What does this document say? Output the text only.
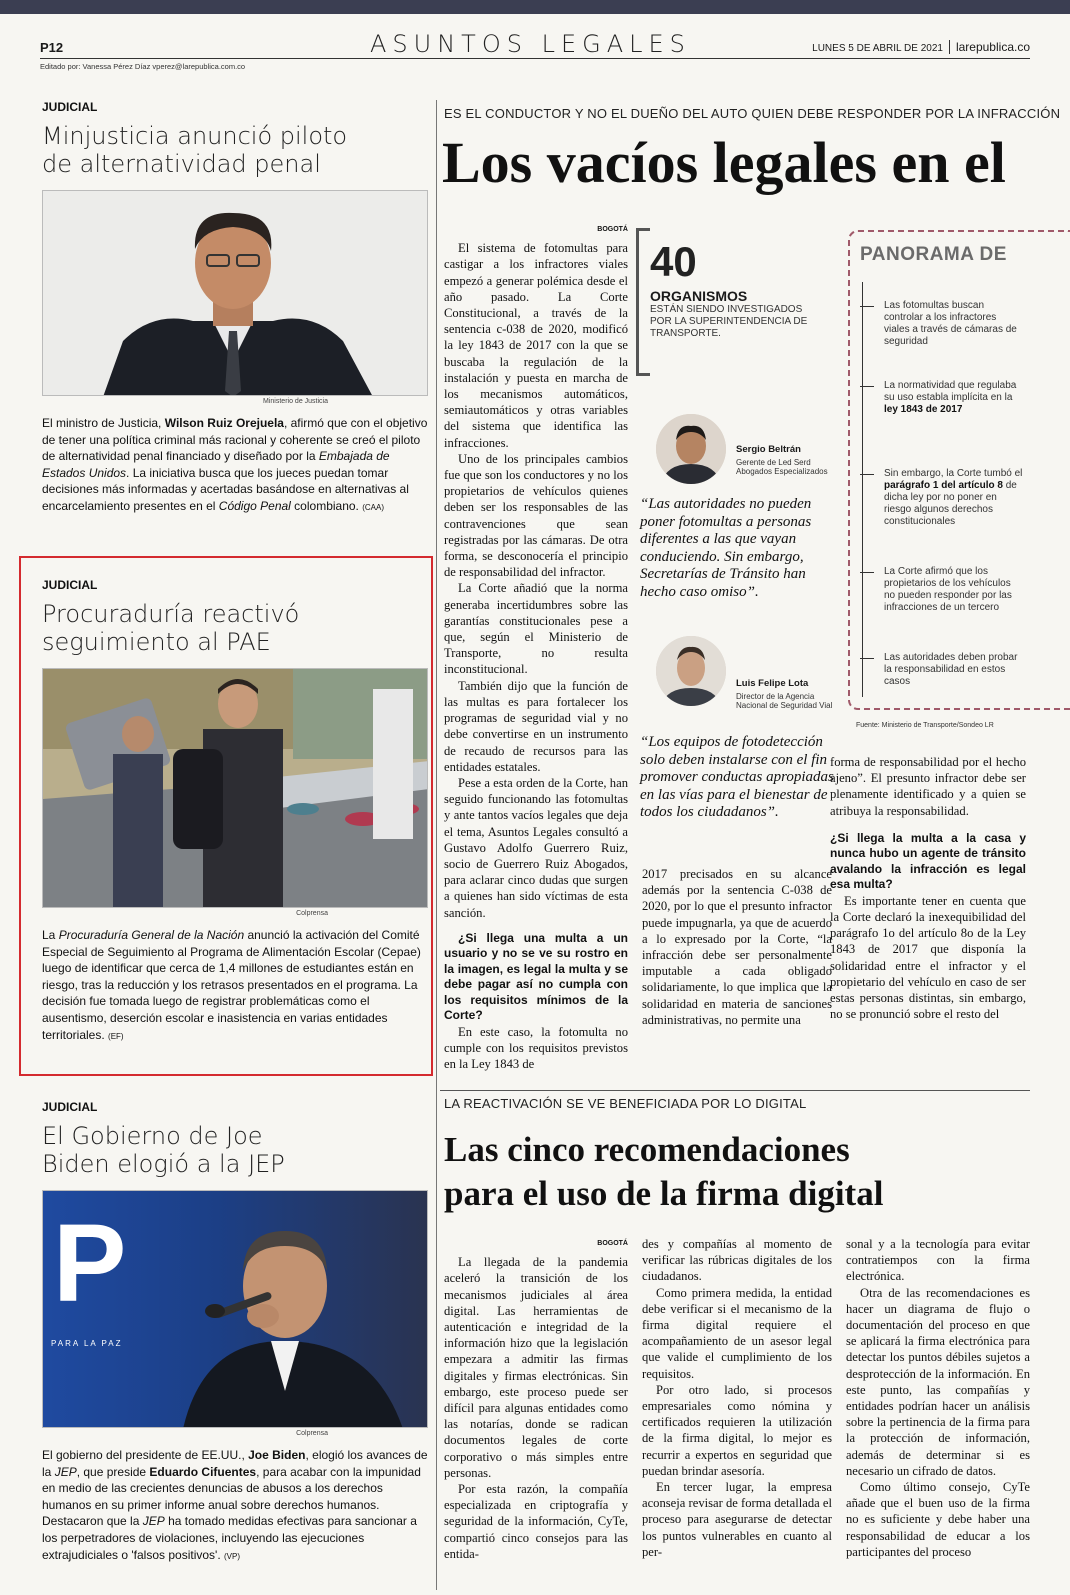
P12	ASUNTOS LEGALES	LUNES 5 DE ABRIL DE 2021 larepublica.co
Editado por: Vanessa Pérez Díaz vperez@larepublica.com.co
JUDICIAL
Minjusticia anunció piloto
de alternatividad penal
Ministerio de Justicia
El ministro de Justicia, Wilson Ruiz Orejuela, afirmó que con el objetivo de tener una política criminal más racional y coherente se creó el piloto de alternatividad penal financiado y diseñado por la Embajada de Estados Unidos. La iniciativa busca que los jueces puedan tomar decisiones más informadas y acertadas basándose en alternativas al encarcelamiento presentes en el Código Penal colombiano. (CAA)
JUDICIAL
Procuraduría reactivó
seguimiento al PAE
Colprensa
La Procuraduría General de la Nación anunció la activación del Comité Especial de Seguimiento al Programa de Alimentación Escolar (Cepae) luego de identificar que cerca de 1,4 millones de estudiantes están en riesgo, tras la reducción y los retrasos presentados en el programa. La decisión fue tomada luego de registrar problemáticas como el ausentismo, deserción escolar e inasistencia en varias entidades territoriales. (EF)
JUDICIAL
El Gobierno de Joe
Biden elogió a la JEP
P
PARA LA PAZ
Colprensa
El gobierno del presidente de EE.UU., Joe Biden, elogió los avances de la JEP, que preside Eduardo Cifuentes, para acabar con la impunidad en medio de las crecientes denuncias de abusos a los derechos humanos en su primer informe anual sobre derechos humanos. Destacaron que la JEP ha tomado medidas efectivas para sancionar a los perpetradores de violaciones, incluyendo las ejecuciones extrajudiciales o 'falsos positivos'. (VP)
ES EL CONDUCTOR Y NO EL DUEÑO DEL AUTO QUIEN DEBE RESPONDER POR LA INFRACCIÓN
Los vacíos legales en el
BOGOTÁ

El sistema de fotomultas para castigar a los infractores viales empezó a generar polémica desde el año pasado. La Corte Constitucional, a través de la sentencia c-038 de 2020, modificó la ley 1843 de 2017 con la que se buscaba la regulación de la instalación y puesta en marcha de los mecanismos automáticos, semiautomáticos y otras variables del sistema que identifica las infracciones.

Uno de los principales cambios fue que son los conductores y no los propietarios de vehículos quienes deben ser los responsables de las contravenciones que sean registradas por las cámaras. De otra forma, se desconocería el principio de responsabilidad del infractor.

La Corte añadió que la norma generaba incertidumbres sobre las garantías constitucionales pese a que, según el Ministerio de Transporte, no resulta inconstitucional.

También dijo que la función de las multas es para fortalecer los programas de seguridad vial y no debe convertirse en un instrumento de recaudo de recursos para las entidades estatales.

Pese a esta orden de la Corte, han seguido funcionando las fotomultas y ante tantos vacíos legales que deja el tema, Asuntos Legales consultó a Gustavo Adolfo Guerrero Ruiz, socio de Guerrero Ruiz Abogados, para aclarar cinco dudas que surgen a quienes han sido víctimas de esta sanción.

¿Si llega una multa a un usuario y no se ve su rostro en la imagen, es legal la multa y se debe pagar así no cumpla con los requisitos mínimos de la Corte?

En este caso, la fotomulta no cumple con los requisitos previstos en la Ley 1843 de

40
ORGANISMOS
ESTÁN SIENDO INVESTIGADOS POR LA SUPERINTENDENCIA DE TRANSPORTE.
Sergio Beltrán
Gerente de Led Serd Abogados Especializados
“Las autoridades no pueden poner fotomultas a personas diferentes a las que vayan conduciendo. Sin embargo, Secretarías de Tránsito han hecho caso omiso”.
Luis Felipe Lota
Director de la Agencia Nacional de Seguridad Vial
“Los equipos de fotodetección solo deben instalarse con el fin promover conductas apropiadas en las vías para el bienestar de todos los ciudadanos”.

2017 precisados en su alcance además por la sentencia C-038 de 2020, por lo que el presunto infractor puede impugnarla, ya que de acuerdo a lo expresado por la Corte, “la infracción debe ser personalmente imputable a cada obligado solidariamente, lo que implica que la solidaridad en materia de sanciones administrativas, no permite una

PANORAMA DE
Las fotomultas buscan controlar a los infractores viales a través de cámaras de seguridad
La normatividad que regulaba su uso establa implícita en la ley 1843 de 2017
Sin embargo, la Corte tumbó el parágrafo 1 del artículo 8 de dicha ley por no poner en riesgo algunos derechos constitucionales
La Corte afirmó que los propietarios de los vehículos no pueden responder por las infracciones de un tercero
Las autoridades deben probar la responsabilidad en estos casos
Fuente: Ministerio de Transporte/Sondeo LR

forma de responsabilidad por el hecho ajeno”. El presunto infractor debe ser plenamente identificado y a quien se atribuya la responsabilidad.

¿Si llega la multa a la casa y nunca hubo un agente de tránsito avalando la infracción es legal esa multa?

Es importante tener en cuenta que la Corte declaró la inexequibilidad del parágrafo 1o del artículo 8o de la Ley 1843 de 2017 que disponía la solidaridad entre el infractor y el propietario del vehículo en caso de ser estas personas distintas, sin embargo, no se pronunció sobre el resto del

LA REACTIVACIÓN SE VE BENEFICIADA POR LO DIGITAL
Las cinco recomendaciones
para el uso de la firma digital
BOGOTÁ

La llegada de la pandemia aceleró la transición de los mecanismos judiciales al área digital. Las herramientas de autenticación e integridad de la información hizo que la legislación empezara a admitir las firmas digitales y firmas electrónicas. Sin embargo, este proceso puede ser difícil para algunas entidades como las notarías, donde se radican documentos legales de corte corporativo o más simples entre personas.

Por esta razón, la compañía especializada en criptografía y seguridad de la información, CyTe, compartió cinco consejos para las entida-

des y compañías al momento de verificar las rúbricas digitales de los ciudadanos.

Como primera medida, la entidad debe verificar si el mecanismo de la firma digital requiere el acompañamiento de un asesor legal que valide el cumplimiento de los requisitos.

Por otro lado, si procesos empresariales como nómina y certificados requieren la utilización de la firma digital, lo mejor es recurrir a expertos en seguridad que puedan brindar asesoría.

En tercer lugar, la empresa aconseja revisar de forma detallada el proceso para asegurarse de detectar los puntos vulnerables en cuanto al per-

sonal y a la tecnología para evitar contratiempos con la firma electrónica.

Otra de las recomendaciones es hacer un diagrama de flujo o documentación del proceso en que se aplicará la firma electrónica para detectar los puntos débiles sujetos a desprotección de la información. En este punto, las compañías y entidades podrían hacer un análisis sobre la pertinencia de la firma para la protección de información, además de determinar si es necesario un cifrado de datos.

Como último consejo, CyTe añade que el buen uso de la firma no es suficiente y debe haber una responsabilidad de educar a los participantes del proceso
